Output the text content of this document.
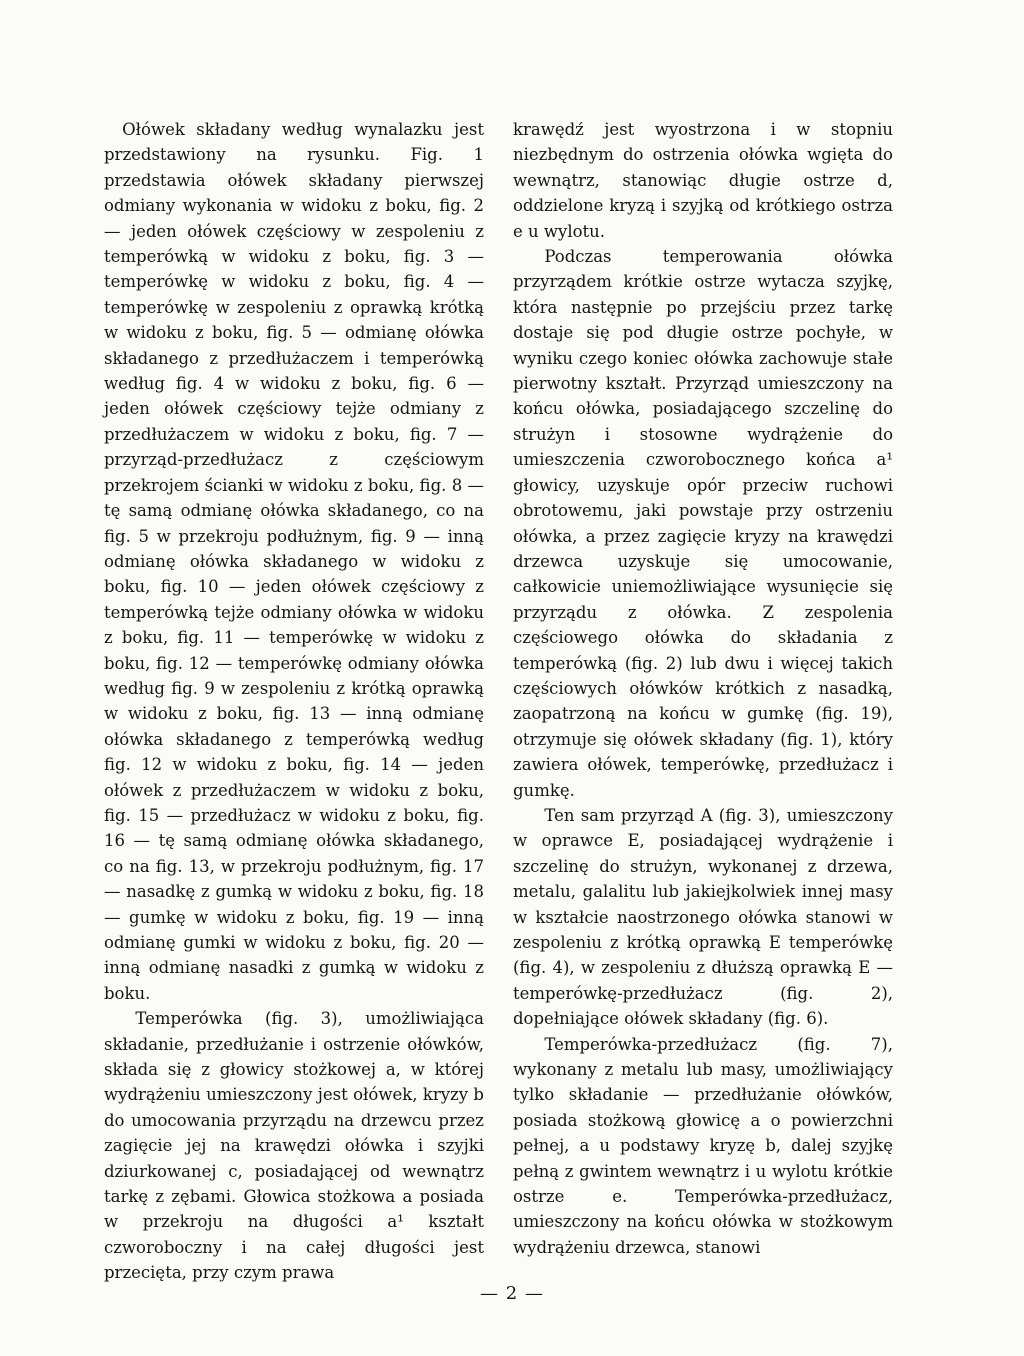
Ołówek składany według wynalazku jest przedstawiony na rysunku. Fig. 1 przedstawia ołówek składany pierwszej odmiany wykonania w widoku z boku, fig. 2 — jeden ołówek częściowy w zespoleniu z temperówką w widoku z boku, fig. 3 — temperówkę w widoku z boku, fig. 4 — temperówkę w zespoleniu z oprawką krótką w widoku z boku, fig. 5 — odmianę ołówka składanego z przedłużaczem i temperówką według fig. 4 w widoku z boku, fig. 6 — jeden ołówek częściowy tejże odmiany z przedłużaczem w widoku z boku, fig. 7 — przyrząd-przedłużacz z częściowym przekrojem ścianki w widoku z boku, fig. 8 — tę samą odmianę ołówka składanego, co na fig. 5 w przekroju podłużnym, fig. 9 — inną odmianę ołówka składanego w widoku z boku, fig. 10 — jeden ołówek częściowy z temperówką tejże odmiany ołówka w widoku z boku, fig. 11 — temperówkę w widoku z boku, fig. 12 — temperówkę odmiany ołówka według fig. 9 w zespoleniu z krótką oprawką w widoku z boku, fig. 13 — inną odmianę ołówka składanego z temperówką według fig. 12 w widoku z boku, fig. 14 — jeden ołówek z przedłużaczem w widoku z boku, fig. 15 — przedłużacz w widoku z boku, fig. 16 — tę samą odmianę ołówka składanego, co na fig. 13, w przekroju podłużnym, fig. 17 — nasadkę z gumką w widoku z boku, fig. 18 — gumkę w widoku z boku, fig. 19 — inną odmianę gumki w widoku z boku, fig. 20 — inną odmianę nasadki z gumką w widoku z boku.

Temperówka (fig. 3), umożliwiająca składanie, przedłużanie i ostrzenie ołówków, składa się z głowicy stożkowej a, w której wydrążeniu umieszczony jest ołówek, kryzy b do umocowania przyrządu na drzewcu przez zagięcie jej na krawędzi ołówka i szyjki dziurkowanej c, posiadającej od wewnątrz tarkę z zębami. Głowica stożkowa a posiada w przekroju na długości a¹ kształt czworoboczny i na całej długości jest przecięta, przy czym prawa

krawędź jest wyostrzona i w stopniu niezbędnym do ostrzenia ołówka wgięta do wewnątrz, stanowiąc długie ostrze d, oddzielone kryzą i szyjką od krótkiego ostrza e u wylotu.

Podczas temperowania ołówka przyrządem krótkie ostrze wytacza szyjkę, która następnie po przejściu przez tarkę dostaje się pod długie ostrze pochyłe, w wyniku czego koniec ołówka zachowuje stałe pierwotny kształt. Przyrząd umieszczony na końcu ołówka, posiadającego szczelinę do strużyn i stosowne wydrążenie do umieszczenia czworobocznego końca a¹ głowicy, uzyskuje opór przeciw ruchowi obrotowemu, jaki powstaje przy ostrzeniu ołówka, a przez zagięcie kryzy na krawędzi drzewca uzyskuje się umocowanie, całkowicie uniemożliwiające wysunięcie się przyrządu z ołówka. Z zespolenia częściowego ołówka do składania z temperówką (fig. 2) lub dwu i więcej takich częściowych ołówków krótkich z nasadką, zaopatrzoną na końcu w gumkę (fig. 19), otrzymuje się ołówek składany (fig. 1), który zawiera ołówek, temperówkę, przedłużacz i gumkę.

Ten sam przyrząd A (fig. 3), umieszczony w oprawce E, posiadającej wydrążenie i szczelinę do strużyn, wykonanej z drzewa, metalu, galalitu lub jakiejkolwiek innej masy w kształcie naostrzonego ołówka stanowi w zespoleniu z krótką oprawką E temperówkę (fig. 4), w zespoleniu z dłuższą oprawką E — temperówkę-przedłużacz (fig. 2), dopełniające ołówek składany (fig. 6).

Temperówka-przedłużacz (fig. 7), wykonany z metalu lub masy, umożliwiający tylko składanie — przedłużanie ołówków, posiada stożkową głowicę a o powierzchni pełnej, a u podstawy kryzę b, dalej szyjkę pełną z gwintem wewnątrz i u wylotu krótkie ostrze e. Temperówka-przedłużacz, umieszczony na końcu ołówka w stożkowym wydrążeniu drzewca, stanowi

— 2 —
